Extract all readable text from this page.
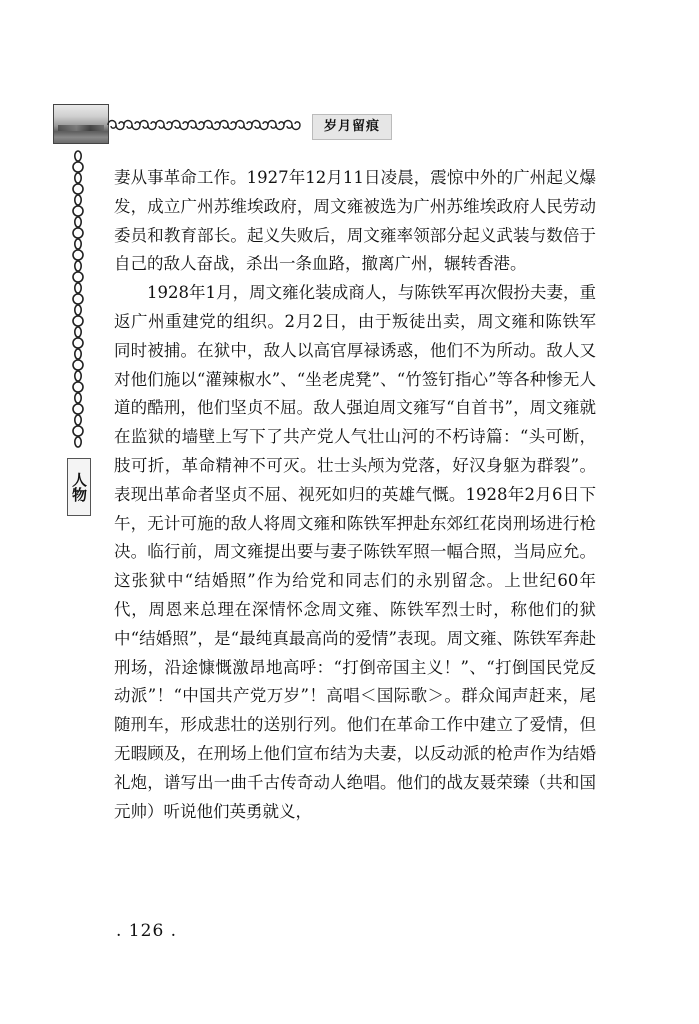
岁月留痕
人物

妻从事革命工作。1927年12月11日凌晨，震惊中外的广州起义爆发，成立广州苏维埃政府，周文雍被选为广州苏维埃政府人民劳动委员和教育部长。起义失败后，周文雍率领部分起义武装与数倍于自己的敌人奋战，杀出一条血路，撤离广州，辗转香港。

1928年1月，周文雍化装成商人，与陈铁军再次假扮夫妻，重返广州重建党的组织。2月2日，由于叛徒出卖，周文雍和陈铁军同时被捕。在狱中，敌人以高官厚禄诱惑，他们不为所动。敌人又对他们施以“灌辣椒水”、“坐老虎凳”、“竹签钉指心”等各种惨无人道的酷刑，他们坚贞不屈。敌人强迫周文雍写“自首书”，周文雍就在监狱的墙壁上写下了共产党人气壮山河的不朽诗篇：“头可断，肢可折，革命精神不可灭。壮士头颅为党落，好汉身躯为群裂”。表现出革命者坚贞不屈、视死如归的英雄气慨。1928年2月6日下午，无计可施的敌人将周文雍和陈铁军押赴东郊红花岗刑场进行枪决。临行前，周文雍提出要与妻子陈铁军照一幅合照，当局应允。这张狱中“结婚照”作为给党和同志们的永别留念。上世纪60年代，周恩来总理在深情怀念周文雍、陈铁军烈士时，称他们的狱中“结婚照”，是“最纯真最高尚的爱情”表现。周文雍、陈铁军奔赴刑场，沿途慷慨激昂地高呼：“打倒帝国主义！”、“打倒国民党反动派”！“中国共产党万岁”！高唱＜国际歌＞。群众闻声赶来，尾随刑车，形成悲壮的送别行列。他们在革命工作中建立了爱情，但无暇顾及，在刑场上他们宣布结为夫妻，以反动派的枪声作为结婚礼炮，谱写出一曲千古传奇动人绝唱。他们的战友聂荣臻（共和国元帅）听说他们英勇就义，

. 126 .
